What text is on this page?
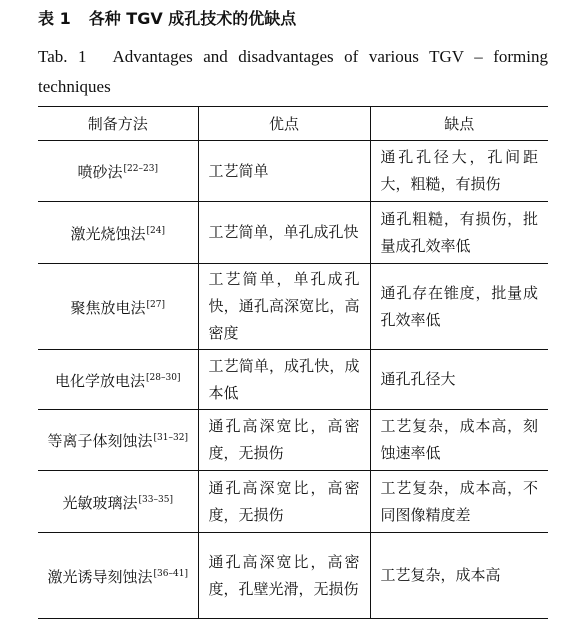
表 1 各种 TGV 成孔技术的优缺点
Tab. 1 Advantages and disadvantages of various TGV – forming techniques
制备方法	优点	缺点
喷砂法[22–23]	工艺简单	通孔孔径大，孔间距大，粗糙，有损伤
激光烧蚀法[24]	工艺简单，单孔成孔快	通孔粗糙，有损伤，批量成孔效率低
聚焦放电法[27]	工艺简单，单孔成孔快，通孔高深宽比，高密度	通孔存在锥度，批量成孔效率低
电化学放电法[28–30]	工艺简单，成孔快，成本低	通孔孔径大
等离子体刻蚀法[31–32]	通孔高深宽比，高密度，无损伤	工艺复杂，成本高，刻蚀速率低
光敏玻璃法[33–35]	通孔高深宽比，高密度，无损伤	工艺复杂，成本高，不同图像精度差
激光诱导刻蚀法[36–41]	通孔高深宽比，高密度，孔壁光滑，无损伤	工艺复杂，成本高
